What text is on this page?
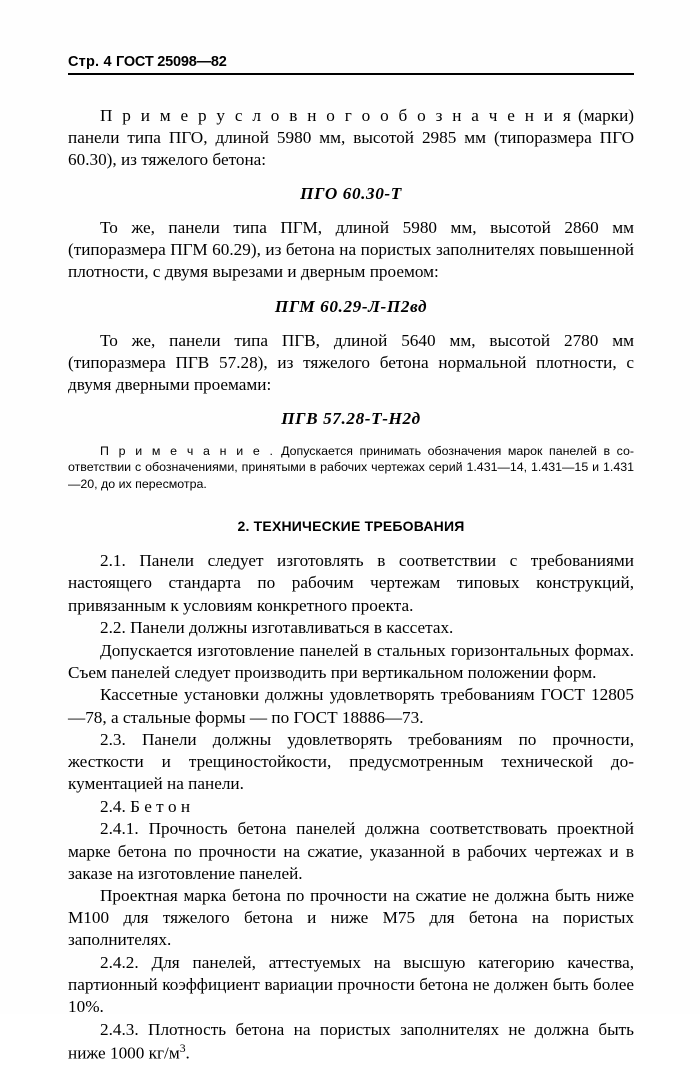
Стр. 4 ГОСТ 25098—82

П р и м е р у с л о в н о г о о б о з н а ч е н и я (марки) панели типа ПГО, длиной 5980 мм, высотой 2985 мм (типоразмера ПГО 60.30), из тяжелого бетона:

ПГО 60.30-Т

То же, панели типа ПГМ, длиной 5980 мм, высотой 2860 мм (типоразмера ПГМ 60.29), из бетона на пористых заполнителях повышенной плотности, с двумя вырезами и дверным проемом:

ПГМ 60.29-Л-П2вд

То же, панели типа ПГВ, длиной 5640 мм, высотой 2780 мм (типоразмера ПГВ 57.28), из тяжелого бетона нормальной плотности, с двумя дверными проемами:

ПГВ 57.28-Т-Н2д

П р и м е ч а н и е . Допускается принимать обозначения марок панелей в соответствии с обозначениями, принятыми в рабочих чертежах серий 1.431—14, 1.431—15 и 1.431—20, до их пересмотра.

2. ТЕХНИЧЕСКИЕ ТРЕБОВАНИЯ

2.1. Панели следует изготовлять в соответствии с требованиями настоящего стандарта по рабочим чертежам типовых конструкций, привязанным к условиям конкретного проекта.

2.2. Панели должны изготавливаться в кассетах.

Допускается изготовление панелей в стальных горизонтальных формах. Съем панелей следует производить при вертикальном положении форм.

Кассетные установки должны удовлетворять требованиям ГОСТ 12805—78, а стальные формы — по ГОСТ 18886—73.

2.3. Панели должны удовлетворять требованиям по прочности, жесткости и трещиностойкости, предусмотренным технической документацией на панели.

2.4. Б е т о н

2.4.1. Прочность бетона панелей должна соответствовать проектной марке бетона по прочности на сжатие, указанной в рабочих чертежах и в заказе на изготовление панелей.

Проектная марка бетона по прочности на сжатие не должна быть ниже М100 для тяжелого бетона и ниже М75 для бетона на пористых заполнителях.

2.4.2. Для панелей, аттестуемых на высшую категорию качества, партионный коэффициент вариации прочности бетона не должен быть более 10%.

2.4.3. Плотность бетона на пористых заполнителях не должна быть ниже 1000 $кг/м^3$.
